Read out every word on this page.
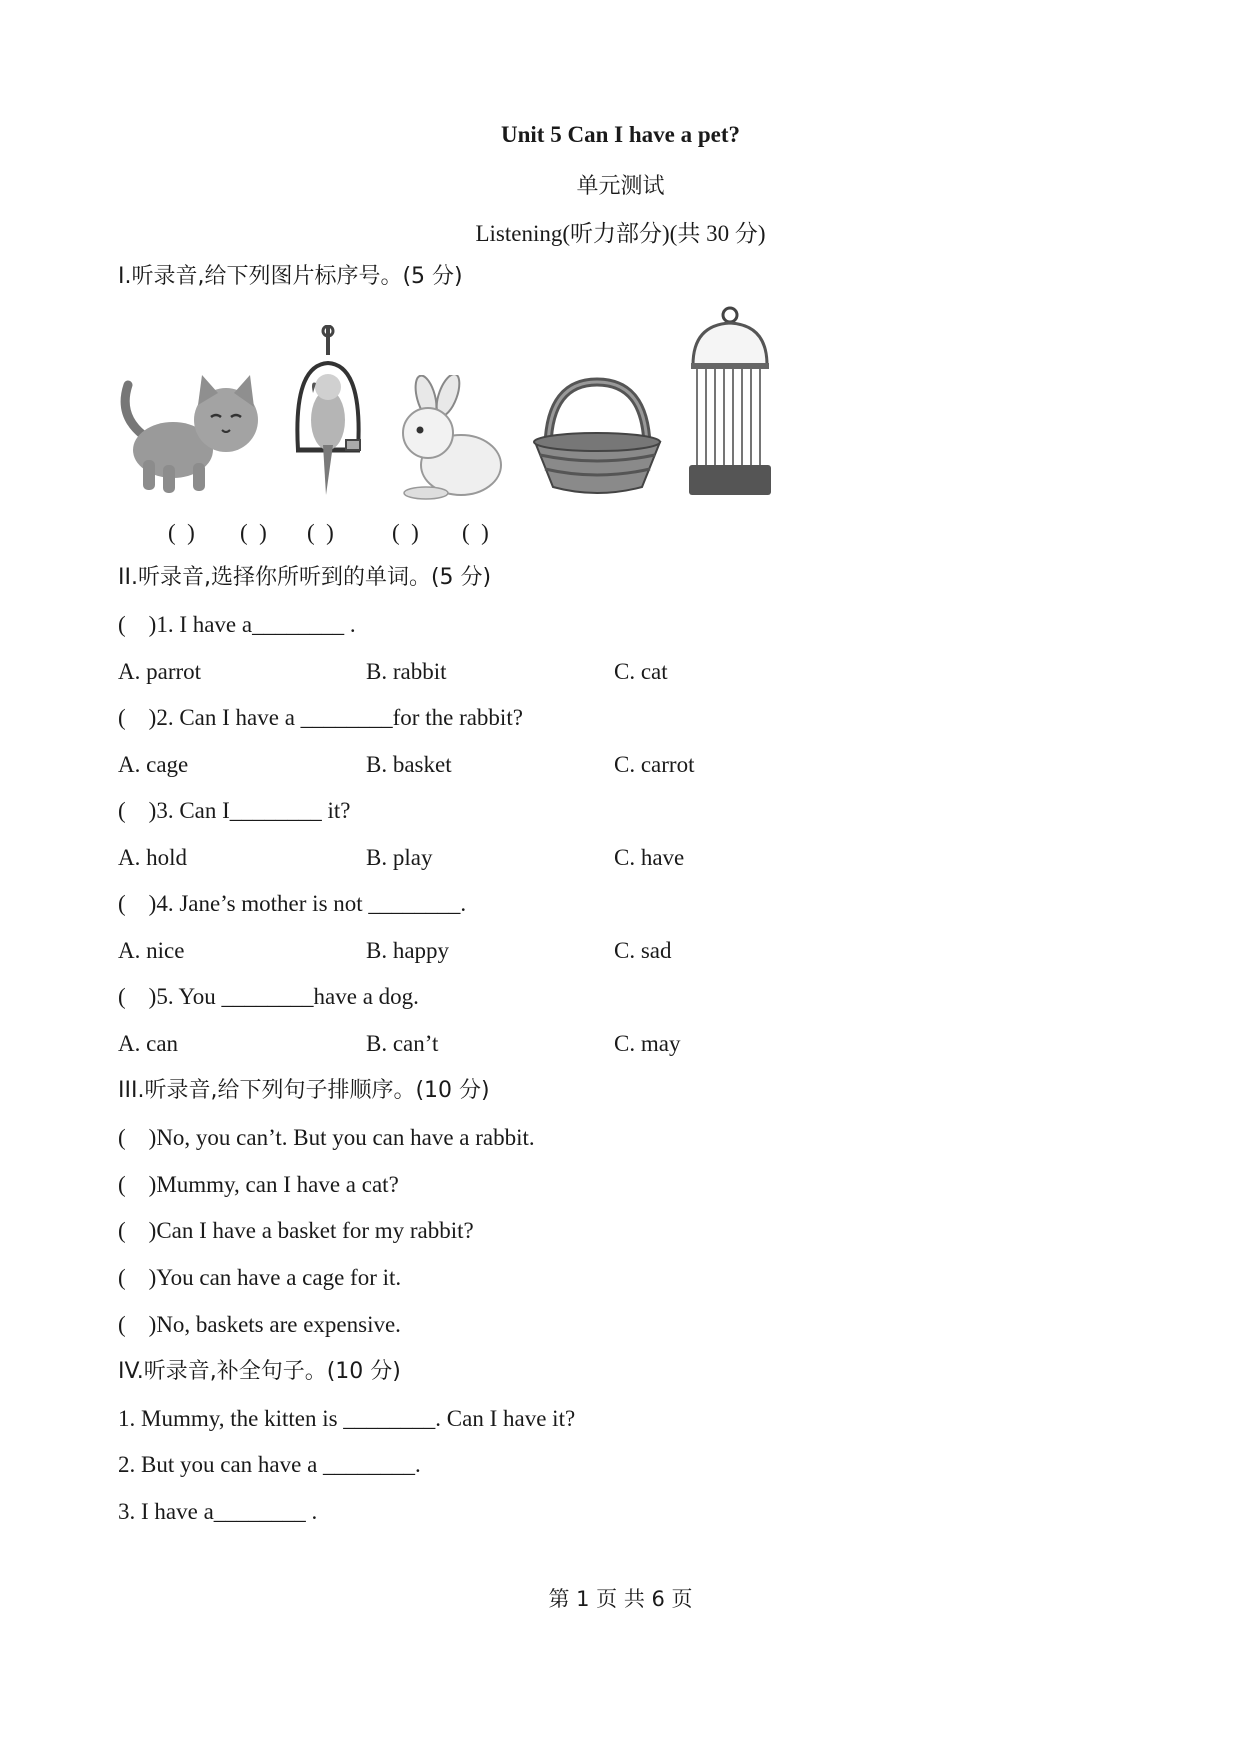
Unit 5 Can I have a pet?
单元测试
Listening(听力部分)(共 30 分)
I.听录音,给下列图片标序号。(5 分)
(  ) (  ) (  )	(  ) (  )
II.听录音,选择你所听到的单词。(5 分)
(    )1. I have a________ .
A. parrot	B. rabbit	C. cat
(    )2. Can I have a ________for the rabbit?
A. cage	B. basket	C. carrot
(    )3. Can I________ it?
A. hold	B. play	C. have
(    )4. Jane’s mother is not ________.
A. nice	B. happy	C. sad
(    )5. You ________have a dog.
A. can	B. can’t	C. may
III.听录音,给下列句子排顺序。(10 分)
(    )No, you can’t. But you can have a rabbit.
(    )Mummy, can I have a cat?
(    )Can I have a basket for my rabbit?
(    )You can have a cage for it.
(    )No, baskets are expensive.
IV.听录音,补全句子。(10 分)
1. Mummy, the kitten is ________. Can I have it?
2. But you can have a ________.
3. I have a________ .
第 1 页 共 6 页
